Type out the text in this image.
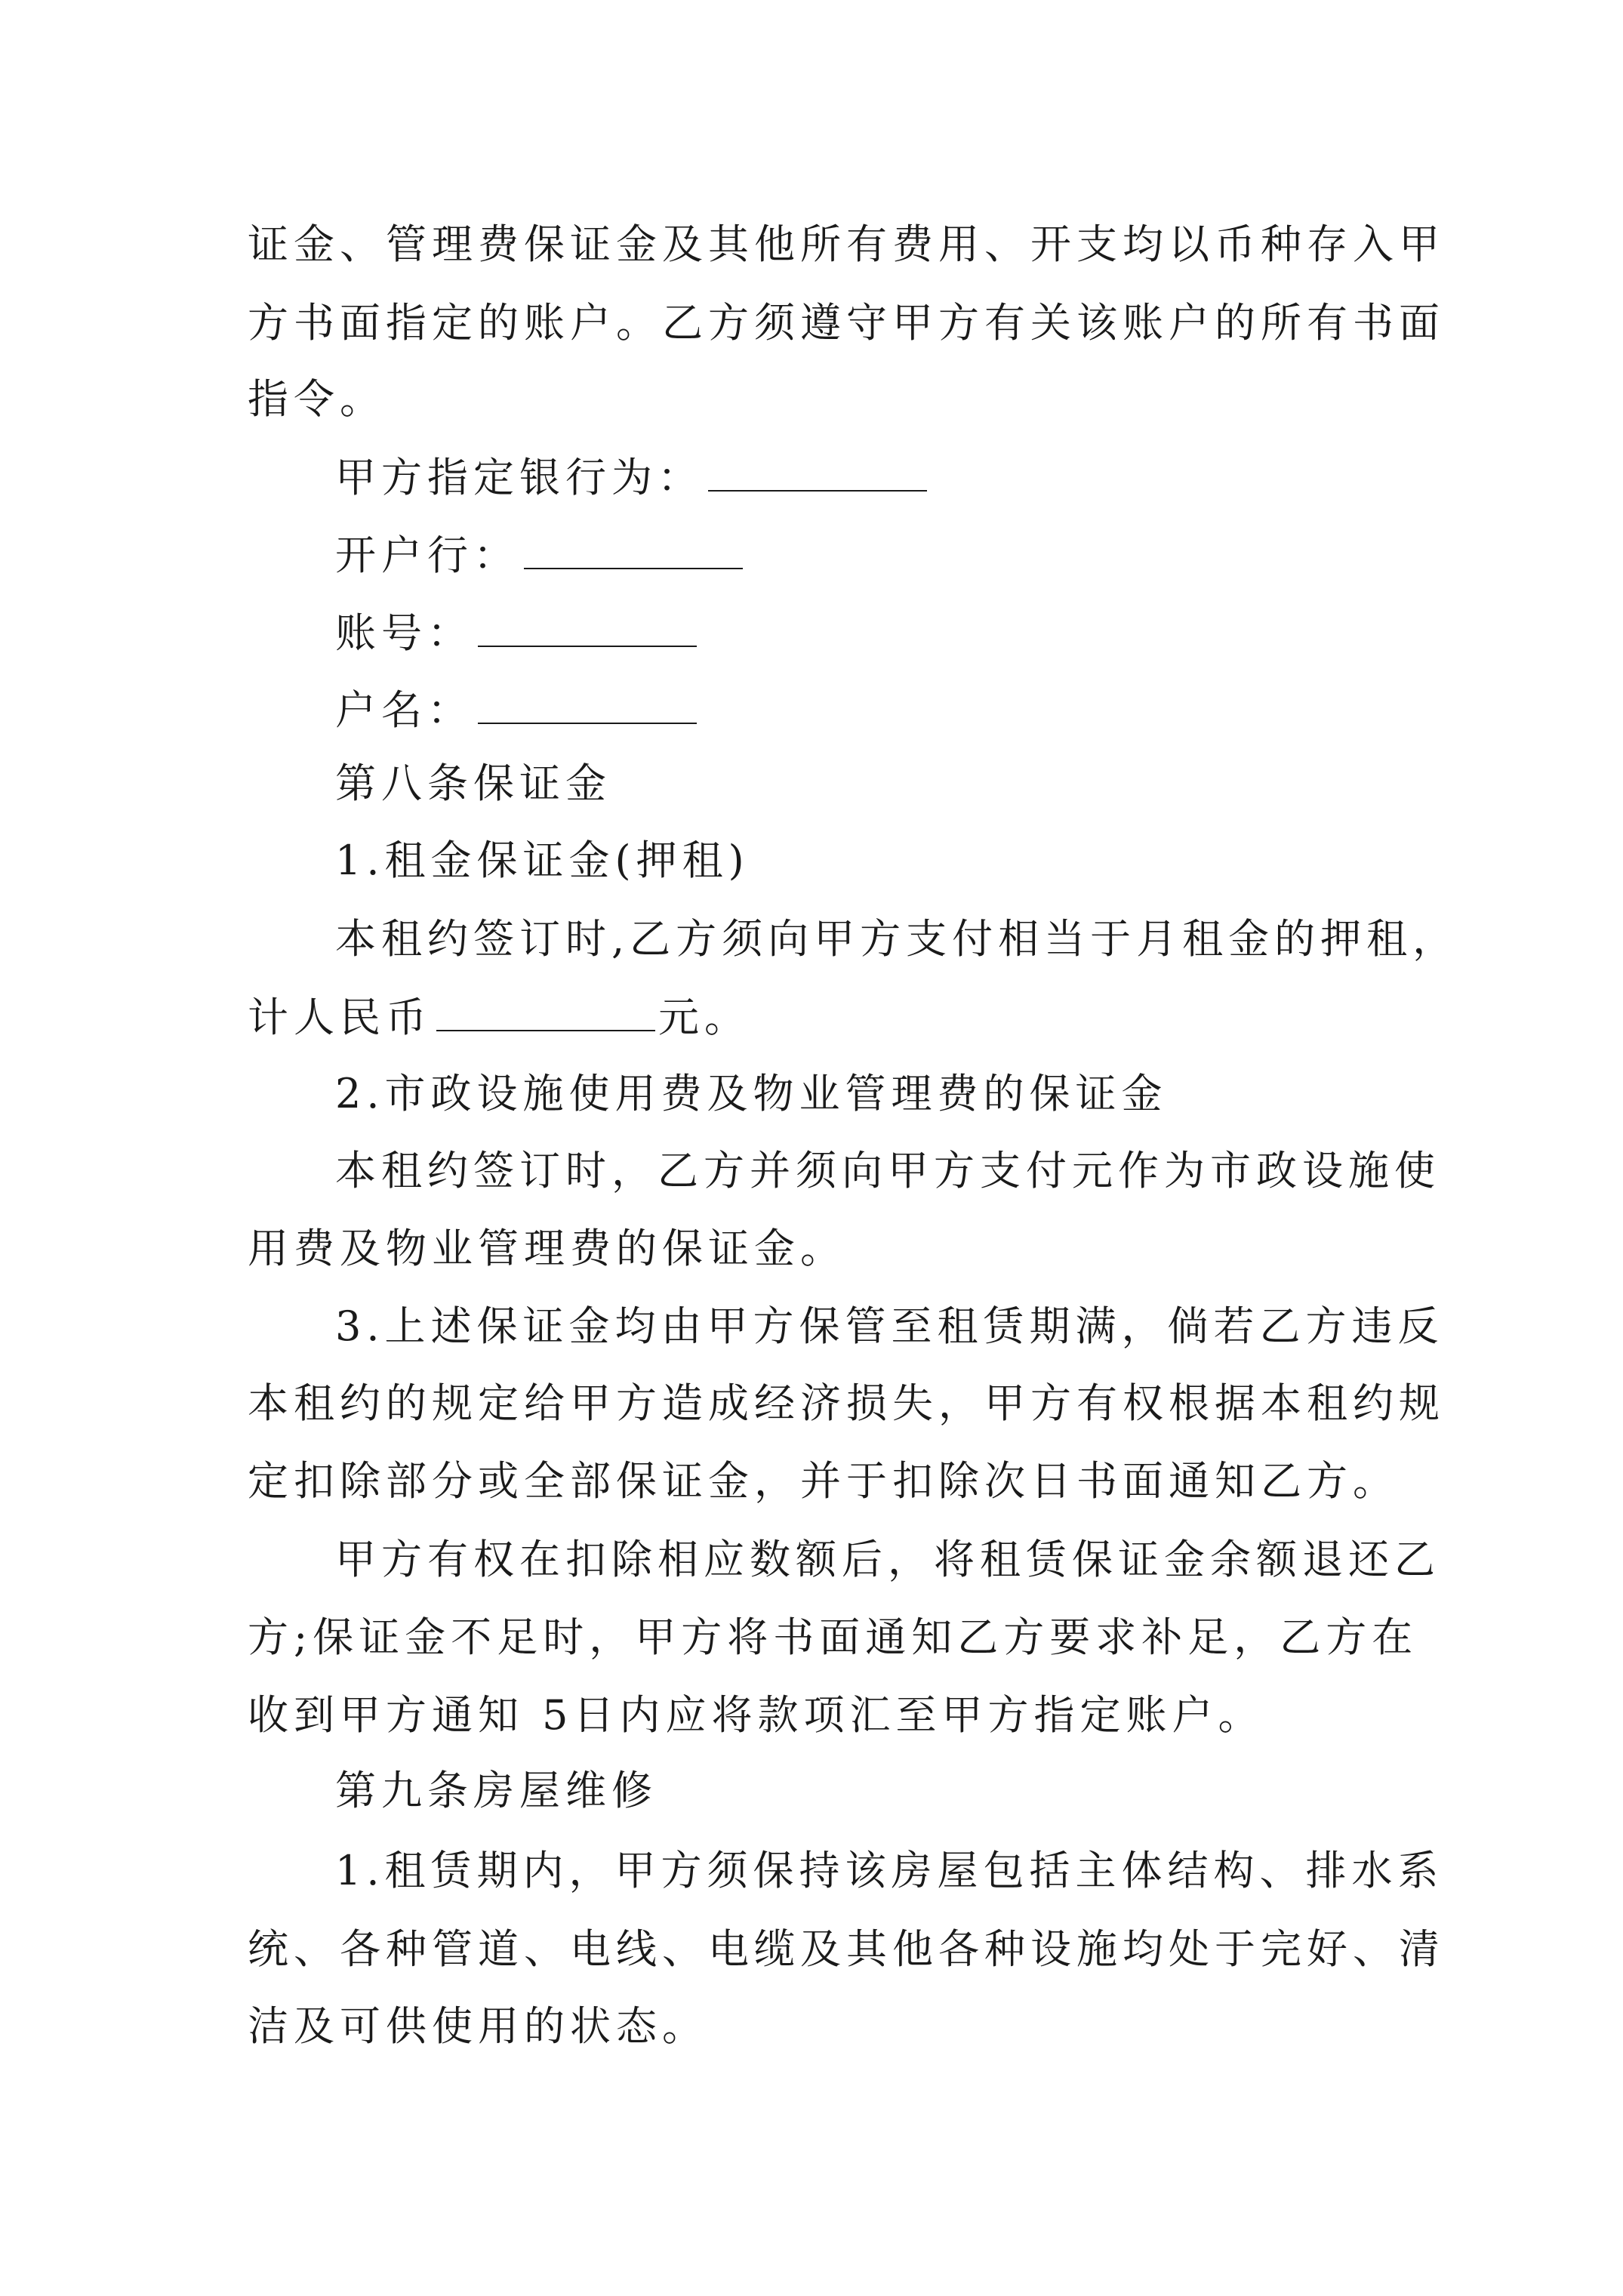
证金、管理费保证金及其他所有费用、开支均以币种存入甲
方书面指定的账户。乙方须遵守甲方有关该账户的所有书面
指令。
甲方指定银行为：
开户行：
账号：
户名：
第八条保证金
1.租金保证金(押租)
本租约签订时,乙方须向甲方支付相当于月租金的押租，
计人民币	元。
2.市政设施使用费及物业管理费的保证金
本租约签订时，乙方并须向甲方支付元作为市政设施使
用费及物业管理费的保证金。
3.上述保证金均由甲方保管至租赁期满，倘若乙方违反
本租约的规定给甲方造成经济损失，甲方有权根据本租约规
定扣除部分或全部保证金，并于扣除次日书面通知乙方。
甲方有权在扣除相应数额后，将租赁保证金余额退还乙
方;保证金不足时，甲方将书面通知乙方要求补足，乙方在
收到甲方通知 5日内应将款项汇至甲方指定账户。
第九条房屋维修
1.租赁期内，甲方须保持该房屋包括主体结构、排水系
统、各种管道、电线、电缆及其他各种设施均处于完好、清
洁及可供使用的状态。
